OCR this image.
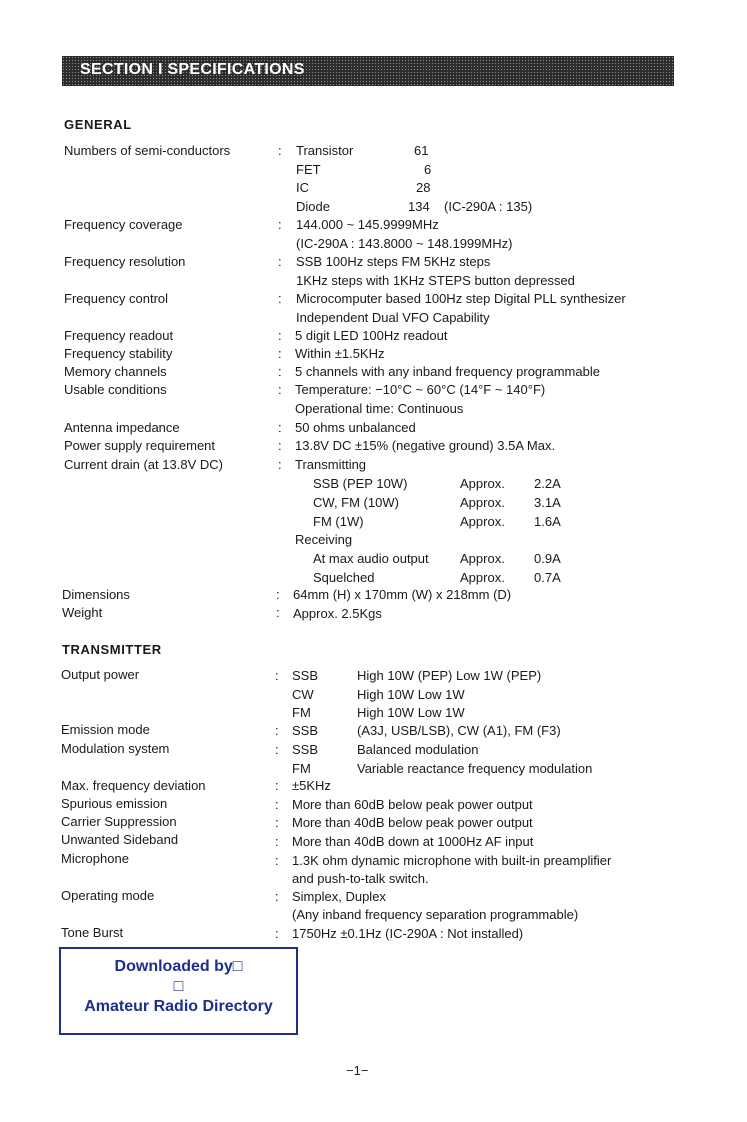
SECTION I SPECIFICATIONS
GENERAL
Numbers of semi-conductors	: Transistor	61
FET	6
IC	28
Diode	134 (IC-290A : 135)
Frequency coverage	: 144.000 ~ 145.9999MHz
(IC-290A : 143.8000 ~ 148.1999MHz)
Frequency resolution	: SSB 100Hz steps FM 5KHz steps
1KHz steps with 1KHz STEPS button depressed
Frequency control	: Microcomputer based 100Hz step Digital PLL synthesizer
Independent Dual VFO Capability
Frequency readout	: 5 digit LED 100Hz readout
Frequency stability	: Within ±1.5KHz
Memory channels	: 5 channels with any inband frequency programmable
Usable conditions	: Temperature: −10°C ~ 60°C (14°F ~ 140°F)
Operational time: Continuous
Antenna impedance	: 50 ohms unbalanced
Power supply requirement	: 13.8V DC ±15% (negative ground) 3.5A Max.
Current drain (at 13.8V DC)	: Transmitting
SSB (PEP 10W)	Approx. 2.2A
CW, FM (10W)	Approx. 3.1A
FM (1W)	Approx. 1.6A
Receiving
At max audio output Approx. 0.9A
Squelched	Approx. 0.7A
Dimensions	: 64mm (H) x 170mm (W) x 218mm (D)
Weight	: Approx. 2.5Kgs
TRANSMITTER
Output power	: SSB	High 10W (PEP) Low 1W (PEP)
CW	High 10W Low 1W
FM	High 10W Low 1W
Emission mode	: SSB	(A3J, USB/LSB), CW (A1), FM (F3)
Modulation system	: SSB	Balanced modulation
FM	Variable reactance frequency modulation
Max. frequency deviation	: ±5KHz
Spurious emission	: More than 60dB below peak power output
Carrier Suppression	: More than 40dB below peak power output
Unwanted Sideband	: More than 40dB down at 1000Hz AF input
Microphone	: 1.3K ohm dynamic microphone with built-in preamplifier
and push-to-talk switch.
Operating mode	: Simplex, Duplex
(Any inband frequency separation programmable)
Tone Burst	: 1750Hz ±0.1Hz (IC-290A : Not installed)
Downloaded by□
□
Amateur Radio Directory
−1−
